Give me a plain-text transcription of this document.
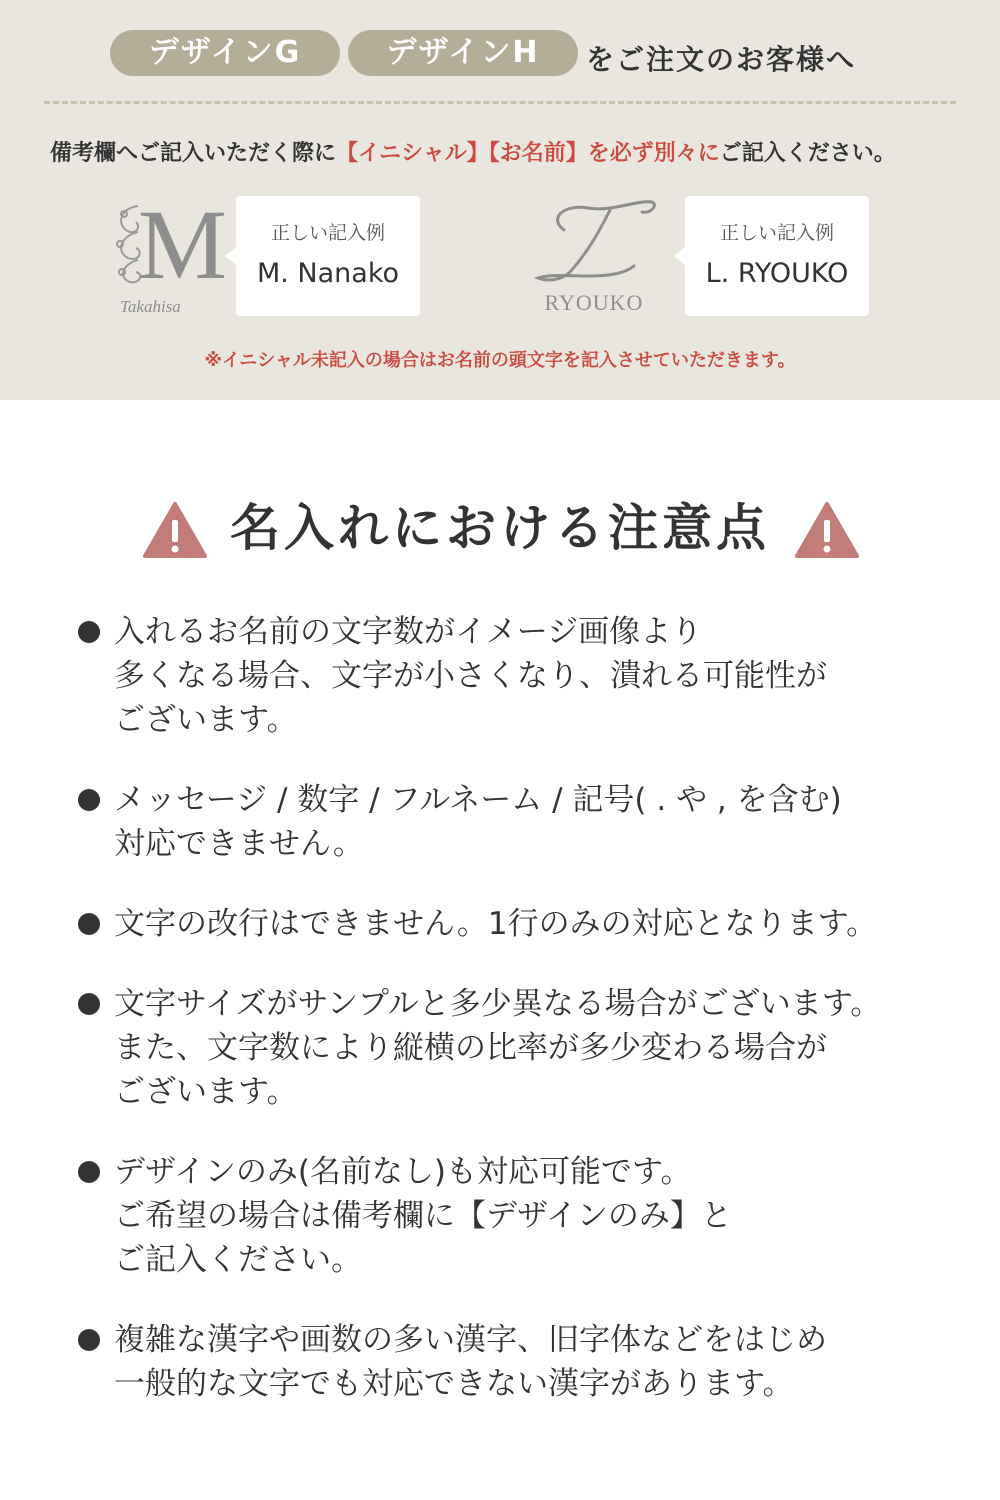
デザインG	デザインH	をご注文のお客様へ
備考欄へご記入いただく際に【イニシャル】【お名前】を必ず別々にご記入ください。
M
Takahisa
正しい記入例
M. Nanako
RYOUKO
L
正しい記入例
L. RYOUKO
※イニシャル未記入の場合はお名前の頭文字を記入させていただきます。
名入れにおける注意点
入れるお名前の文字数がイメージ画像より
多くなる場合、文字が小さくなり、潰れる可能性が
ございます。
メッセージ / 数字 / フルネーム / 記号( . や , を含む)
対応できません。
文字の改行はできません。1行のみの対応となります。
文字サイズがサンプルと多少異なる場合がございます。
また、文字数により縦横の比率が多少変わる場合が
ございます。
デザインのみ(名前なし)も対応可能です。
ご希望の場合は備考欄に【デザインのみ】と
ご記入ください。
複雑な漢字や画数の多い漢字、旧字体などをはじめ
一般的な文字でも対応できない漢字があります。
